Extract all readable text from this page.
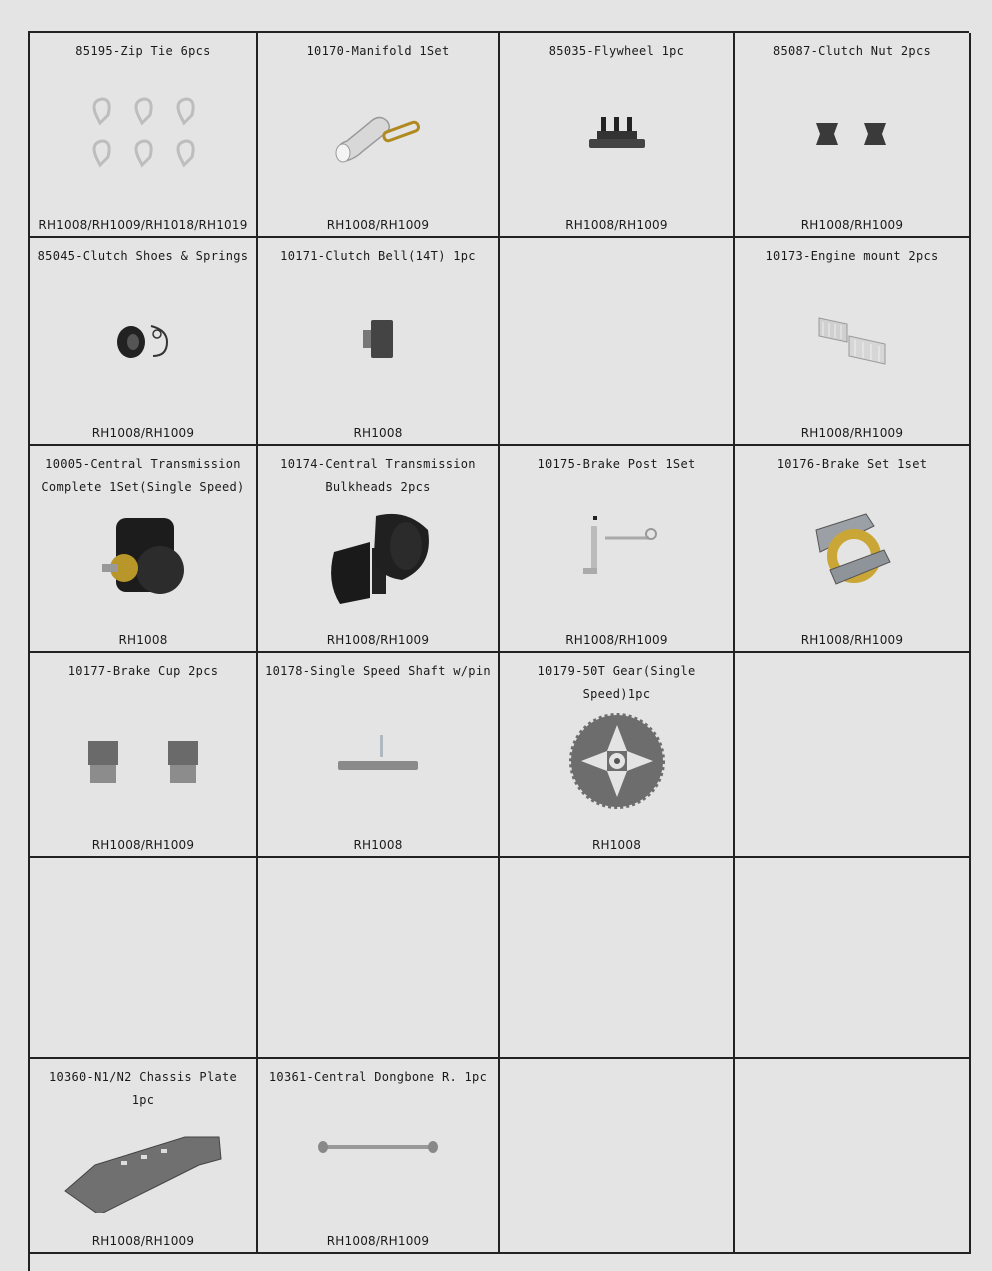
85195-Zip Tie 6pcs
RH1008/RH1009/RH1018/RH1019
10170-Manifold 1Set
RH1008/RH1009
85035-Flywheel 1pc
RH1008/RH1009
85087-Clutch Nut 2pcs
RH1008/RH1009
85045-Clutch Shoes & Springs
RH1008/RH1009
10171-Clutch Bell(14T) 1pc
RH1008
10173-Engine mount 2pcs
RH1008/RH1009
10005-Central Transmission
Complete 1Set(Single Speed)
RH1008
10174-Central Transmission
Bulkheads 2pcs
RH1008/RH1009
10175-Brake Post 1Set
RH1008/RH1009
10176-Brake Set 1set
RH1008/RH1009
10177-Brake Cup 2pcs
RH1008/RH1009
10178-Single Speed Shaft w/pin
RH1008
10179-50T Gear(Single Speed)1pc
RH1008
10360-N1/N2 Chassis Plate 1pc
RH1008/RH1009
10361-Central Dongbone R. 1pc
RH1008/RH1009
